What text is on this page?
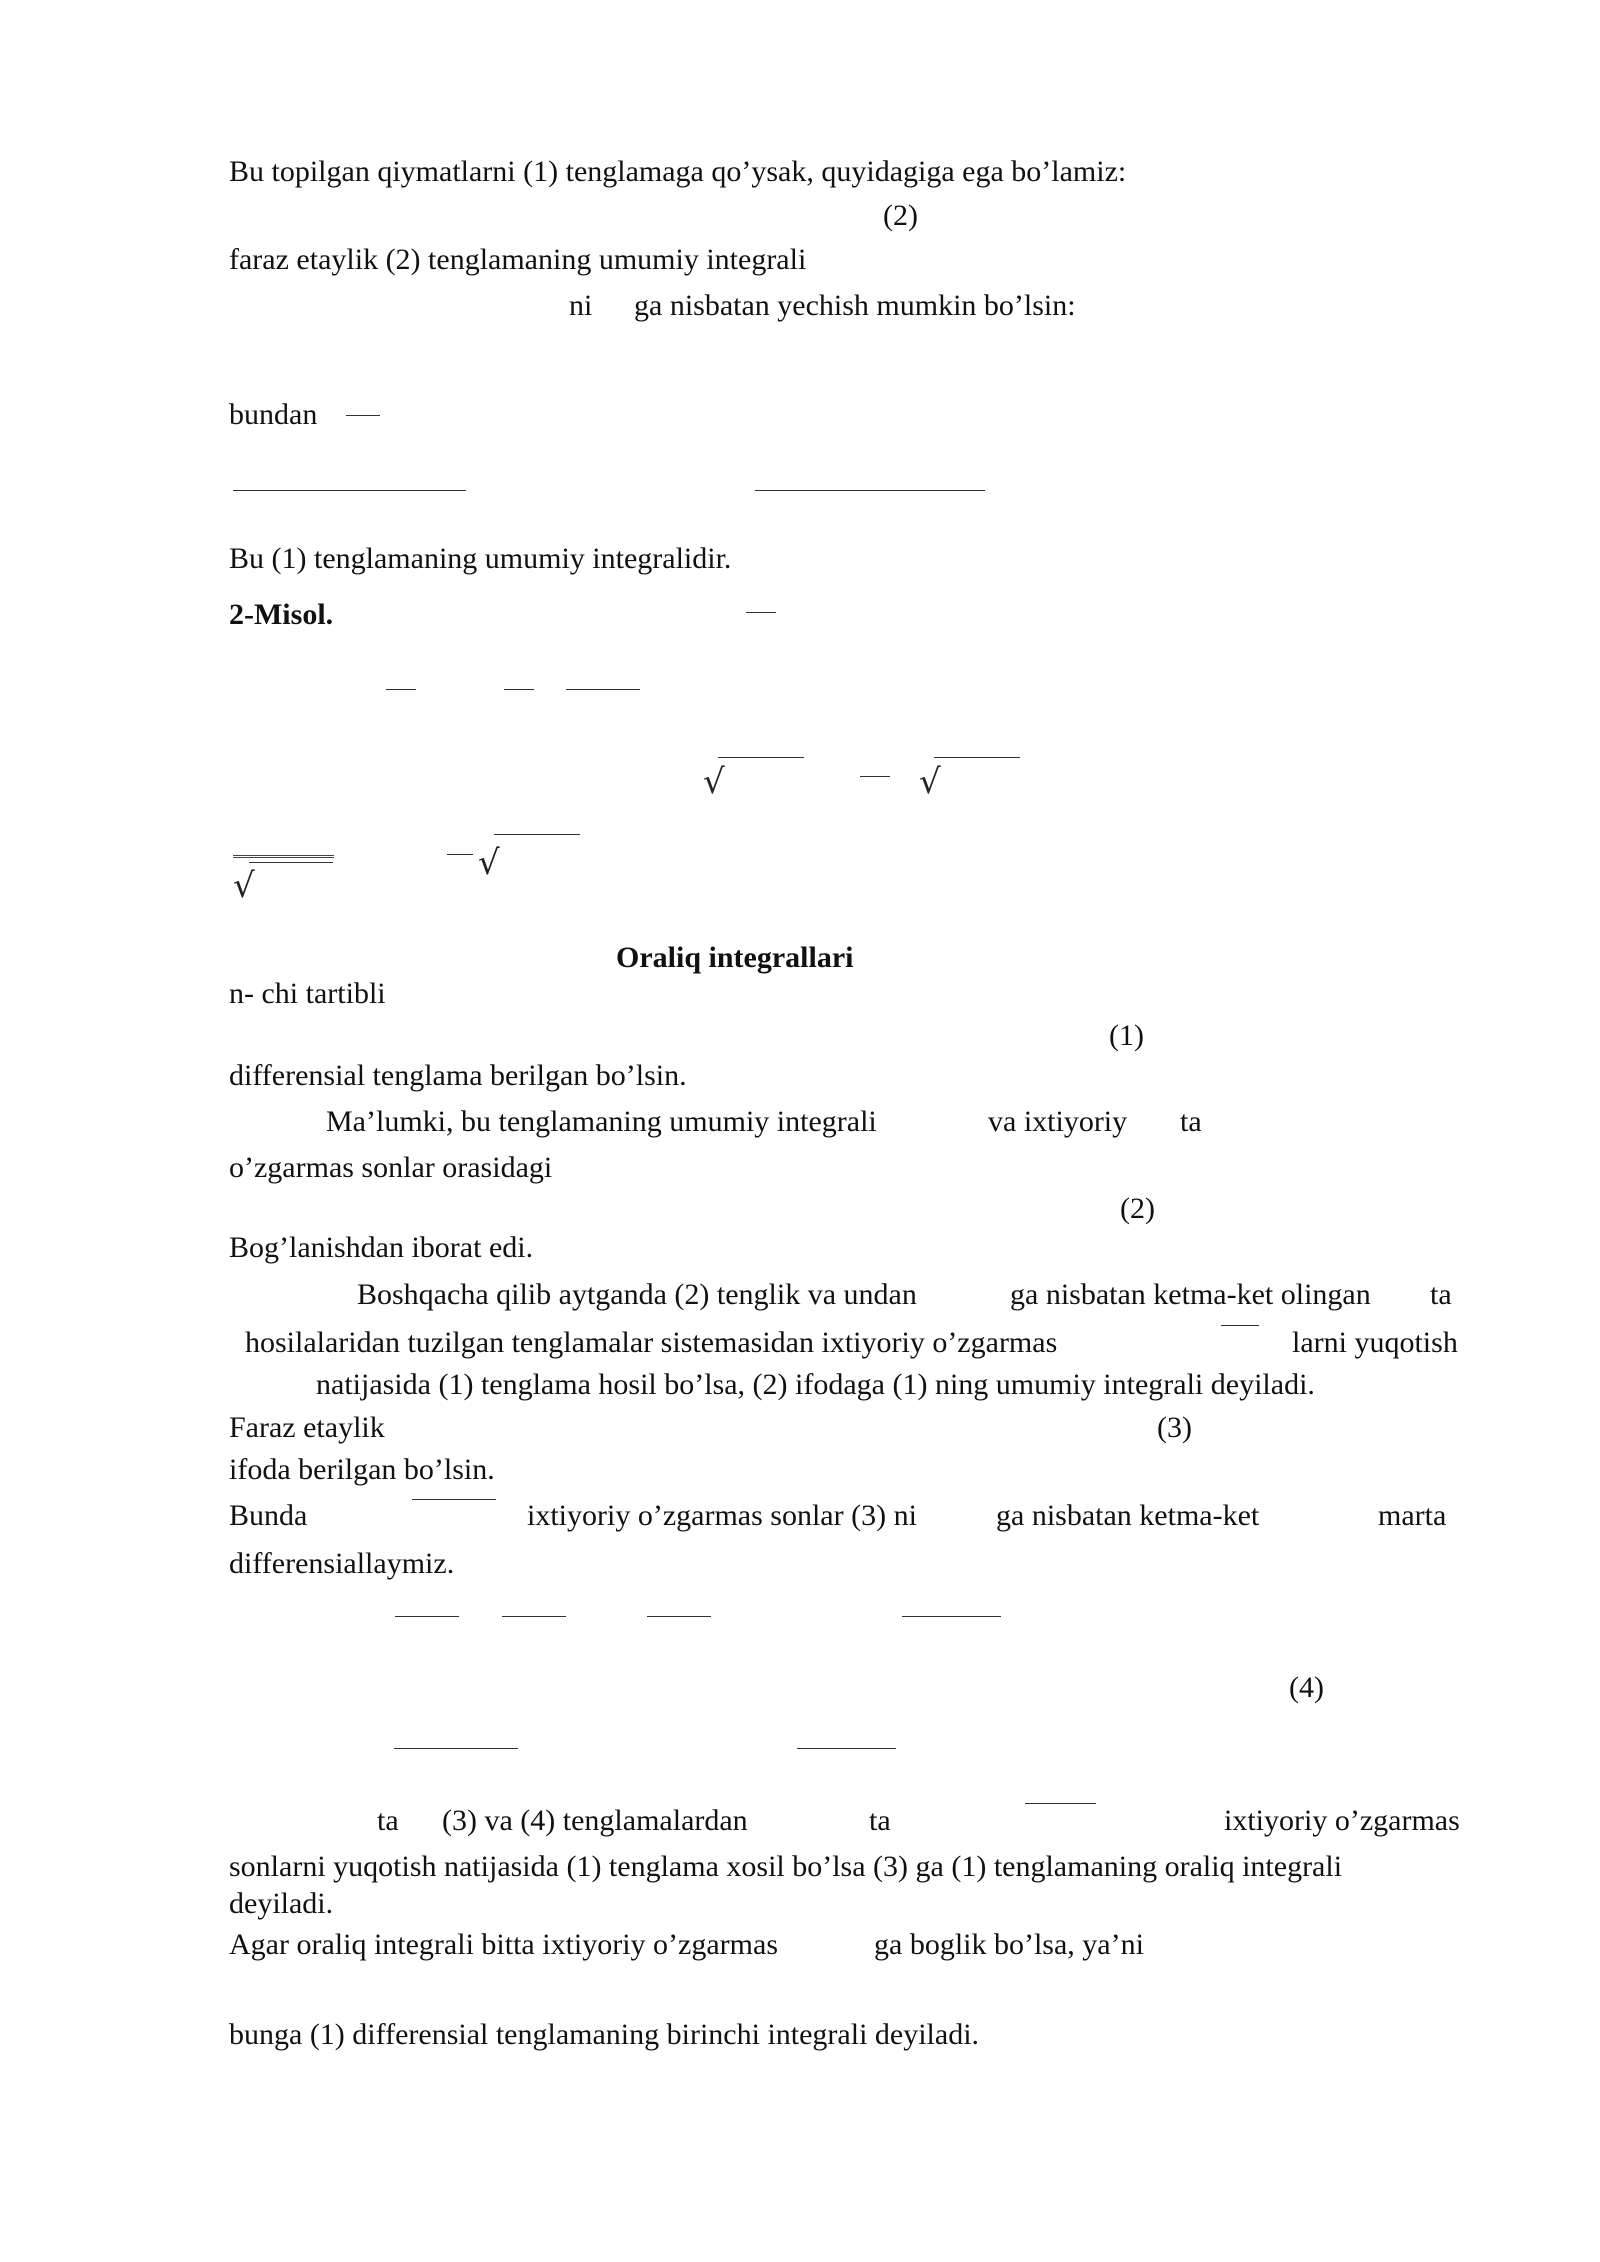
Bu topilgan qiymatlarni (1) tenglamaga qo’ysak, quyidagiga ega bo’lamiz:
(2)
faraz etaylik (2) tenglamaning umumiy integrali
ni ga nisbatan yechish mumkin bo’lsin:
bundan
Bu (1) tenglamaning umumiy integralidir.
2-Misol.
√	√
√
√
Oraliq integrallari
n- chi tartibli
(1)
differensial tenglama berilgan bo’lsin.
Ma’lumki, bu tenglamaning umumiy integrali	va ixtiyoriy ta
o’zgarmas sonlar orasidagi
(2)
Bog’lanishdan iborat edi.
Boshqacha qilib aytganda (2) tenglik va undan	ga nisbatan ketma-ket olingan ta
hosilalaridan tuzilgan tenglamalar sistemasidan ixtiyoriy o’zgarmas	larni yuqotish
natijasida (1) tenglama hosil bo’lsa, (2) ifodaga (1) ning umumiy integrali deyiladi.
Faraz etaylik	(3)
ifoda berilgan bo’lsin.
Bunda	ixtiyoriy o’zgarmas sonlar (3) ni	ga nisbatan ketma-ket	marta
differensiallaymiz.
(4)
ta (3) va (4) tenglamalardan	ta	ixtiyoriy o’zgarmas
sonlarni yuqotish natijasida (1) tenglama xosil bo’lsa (3) ga (1) tenglamaning oraliq integrali
deyiladi.
Agar oraliq integrali bitta ixtiyoriy o’zgarmas	ga boglik bo’lsa, ya’ni
bunga (1) differensial tenglamaning birinchi integrali deyiladi.
